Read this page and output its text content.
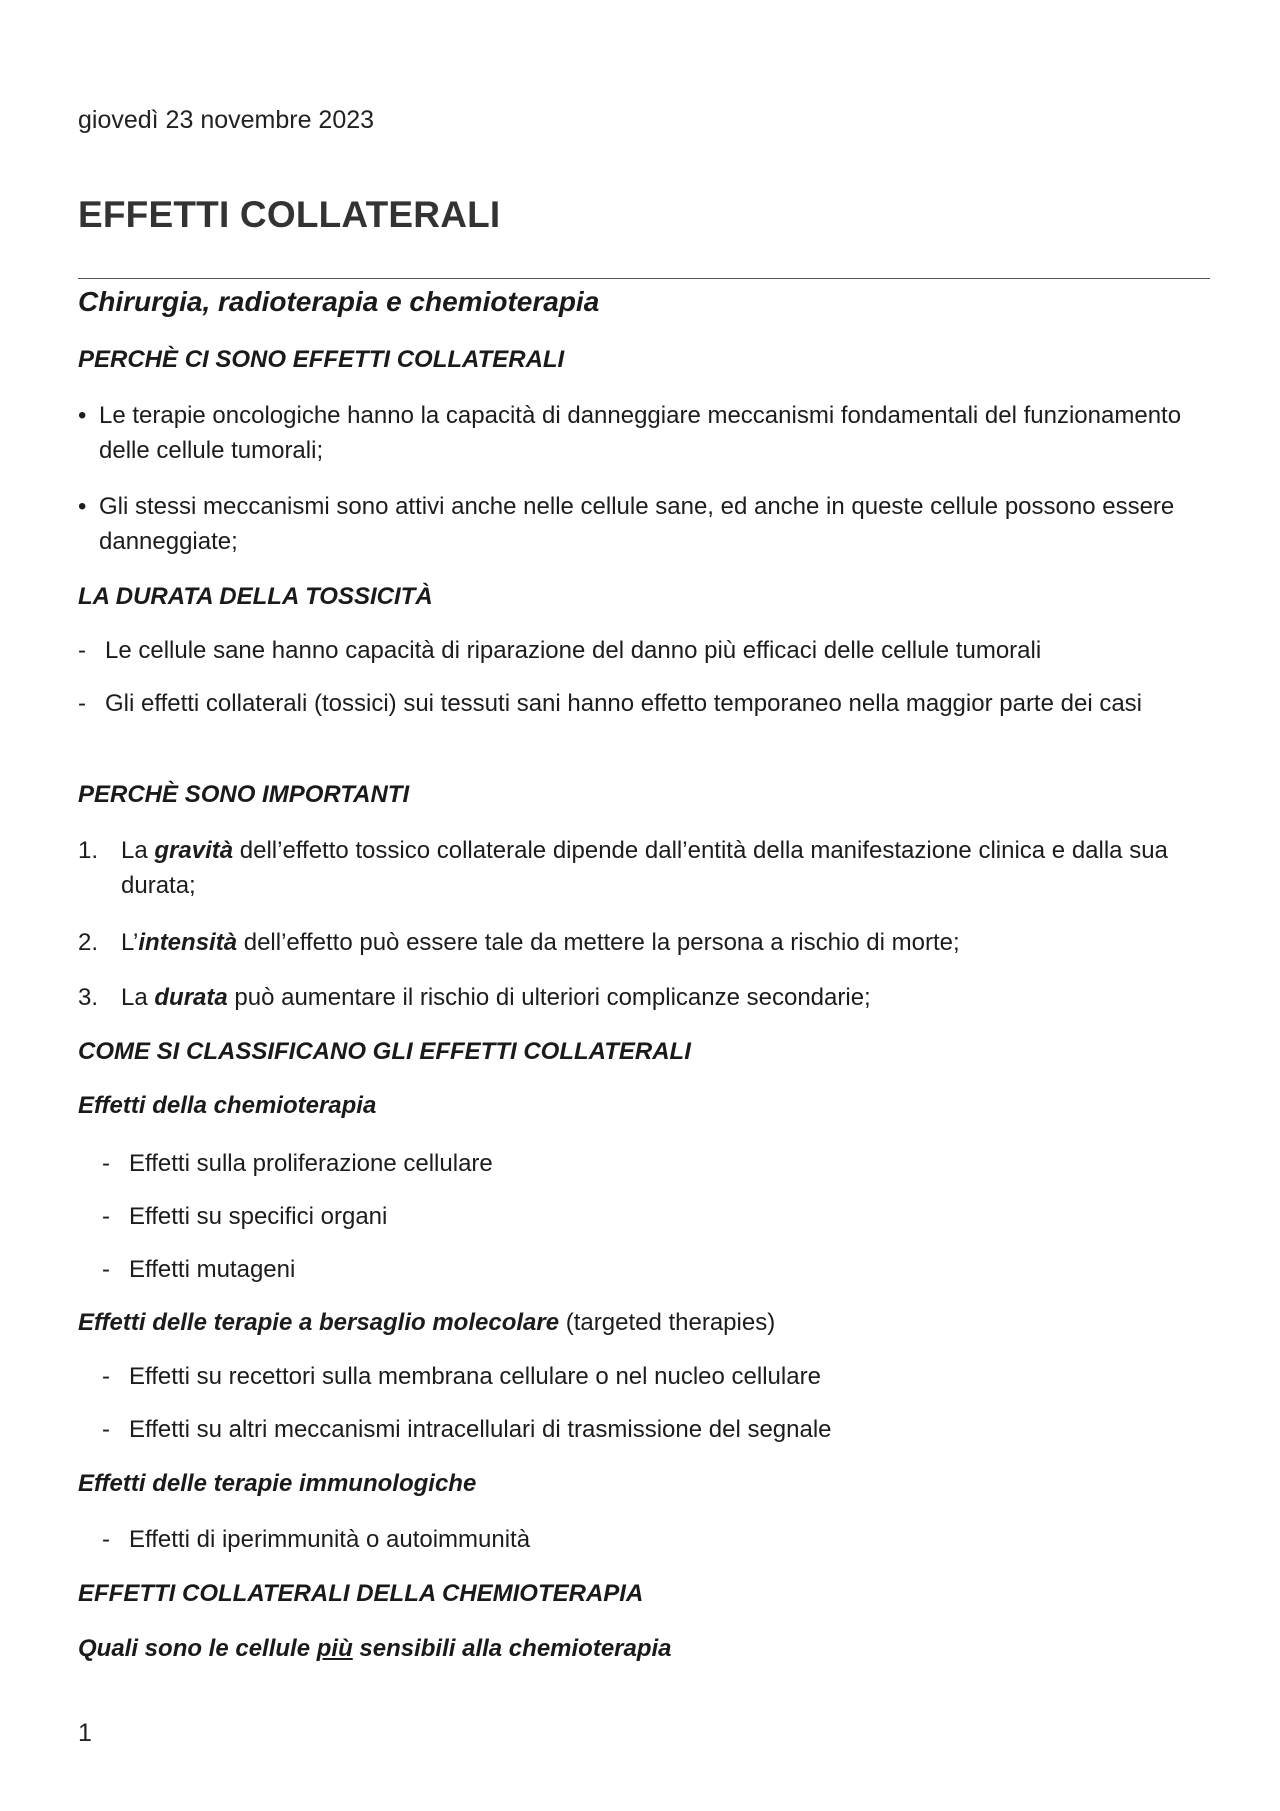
giovedì 23 novembre 2023
EFFETTI COLLATERALI
Chirurgia, radioterapia e chemioterapia
PERCHÈ CI SONO EFFETTI COLLATERALI
• Le terapie oncologiche hanno la capacità di danneggiare meccanismi fondamentali del funzionamento delle cellule tumorali;
• Gli stessi meccanismi sono attivi anche nelle cellule sane, ed anche in queste cellule possono essere danneggiate;
LA DURATA DELLA TOSSICITÀ
- Le cellule sane hanno capacità di riparazione del danno più efficaci delle cellule tumorali
- Gli effetti collaterali (tossici) sui tessuti sani hanno effetto temporaneo nella maggior parte dei casi
PERCHÈ SONO IMPORTANTI
1. La gravità dell’effetto tossico collaterale dipende dall’entità della manifestazione clinica e dalla sua durata;
2. L’intensità dell’effetto può essere tale da mettere la persona a rischio di morte;
3. La durata può aumentare il rischio di ulteriori complicanze secondarie;
COME SI CLASSIFICANO GLI EFFETTI COLLATERALI
Effetti della chemioterapia
- Effetti sulla proliferazione cellulare
- Effetti su specifici organi
- Effetti mutageni
Effetti delle terapie a bersaglio molecolare (targeted therapies)
- Effetti su recettori sulla membrana cellulare o nel nucleo cellulare
- Effetti su altri meccanismi intracellulari di trasmissione del segnale
Effetti delle terapie immunologiche
- Effetti di iperimmunità o autoimmunità
EFFETTI COLLATERALI DELLA CHEMIOTERAPIA
Quali sono le cellule più sensibili alla chemioterapia
1
